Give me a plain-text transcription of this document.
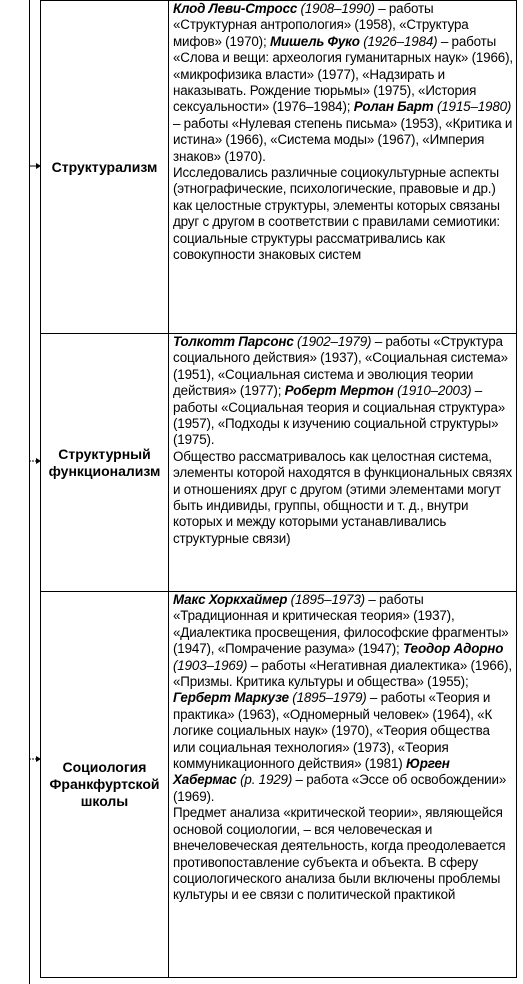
Структурализм

Клод Леви-Стросс (1908–1990) – работы «Структурная антропология» (1958), «Структура мифов» (1970); Мишель Фуко (1926–1984) – работы «Слова и вещи: археология гуманитарных наук» (1966), «микрофизика власти» (1977), «Надзирать и наказывать. Рождение тюрьмы» (1975), «История сексуальности» (1976–1984); Ролан Барт (1915–1980) – работы «Нулевая степень письма» (1953), «Критика и истина» (1966), «Система моды» (1967), «Империя знаков» (1970).

Исследовались различные социокультурные аспекты (этнографические, психологические, правовые и др.) как целостные структуры, элементы которых связаны друг с другом в соответствии с правилами семиотики: социальные структуры рассматривались как совокупности знаковых систем

Структурный функционализм

Толкотт Парсонс (1902–1979) – работы «Структура социального действия» (1937), «Социальная система» (1951), «Социальная система и эволюция теории действия» (1977); Роберт Мертон (1910–2003) – работы «Социальная теория и социальная структура» (1957), «Подходы к изучению социальной структуры» (1975).

Общество рассматривалось как целостная система, элементы которой находятся в функциональных связях и отношениях друг с другом (этими элементами могут быть индивиды, группы, общности и т. д., внутри которых и между которыми устанавливались структурные связи)

Социология Франкфуртской школы

Макс Хоркхаймер (1895–1973) – работы «Традиционная и критическая теория» (1937), «Диалектика просвещения, философские фрагменты» (1947), «Помрачение разума» (1947); Теодор Адорно (1903–1969) – работы «Негативная диалектика» (1966), «Призмы. Критика культуры и общества» (1955); Герберт Маркузе (1895–1979) – работы «Теория и практика» (1963), «Одномерный человек» (1964), «К логике социальных наук» (1970), «Теория общества или социальная технология» (1973), «Теория коммуникационного действия» (1981) Юрген Хабермас (р. 1929) – работа «Эссе об освобождении» (1969).

Предмет анализа «критической теории», являющейся основой социологии, – вся человеческая и внечеловеческая деятельность, когда преодолевается противопоставление субъекта и объекта. В сферу социологического анализа были включены проблемы культуры и ее связи с политической практикой
